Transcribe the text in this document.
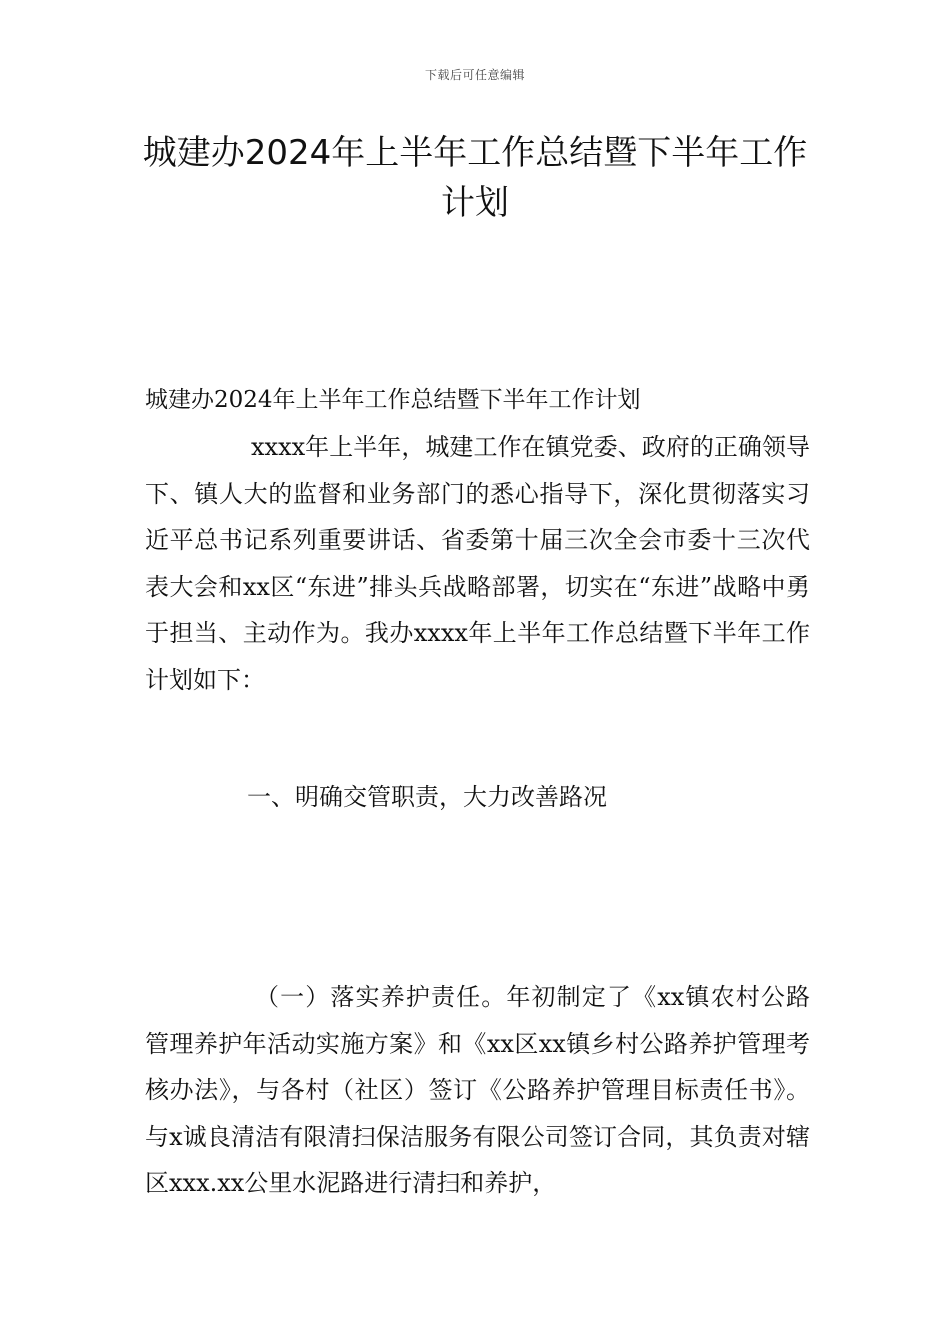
下载后可任意编辑
城建办2024年上半年工作总结暨下半年工作计划

城建办2024年上半年工作总结暨下半年工作计划

xxxx年上半年，城建工作在镇党委、政府的正确领导下、镇人大的监督和业务部门的悉心指导下，深化贯彻落实习近平总书记系列重要讲话、省委第十届三次全会市委十三次代表大会和xx区“东进”排头兵战略部署，切实在“东进”战略中勇于担当、主动作为。我办xxxx年上半年工作总结暨下半年工作计划如下：

一、明确交管职责，大力改善路况

（一）落实养护责任。年初制定了《xx镇农村公路管理养护年活动实施方案》和《xx区xx镇乡村公路养护管理考核办法》，与各村（社区）签订《公路养护管理目标责任书》。与x诚良清洁有限清扫保洁服务有限公司签订合同，其负责对辖区xxx.xx公里水泥路进行清扫和养护，
